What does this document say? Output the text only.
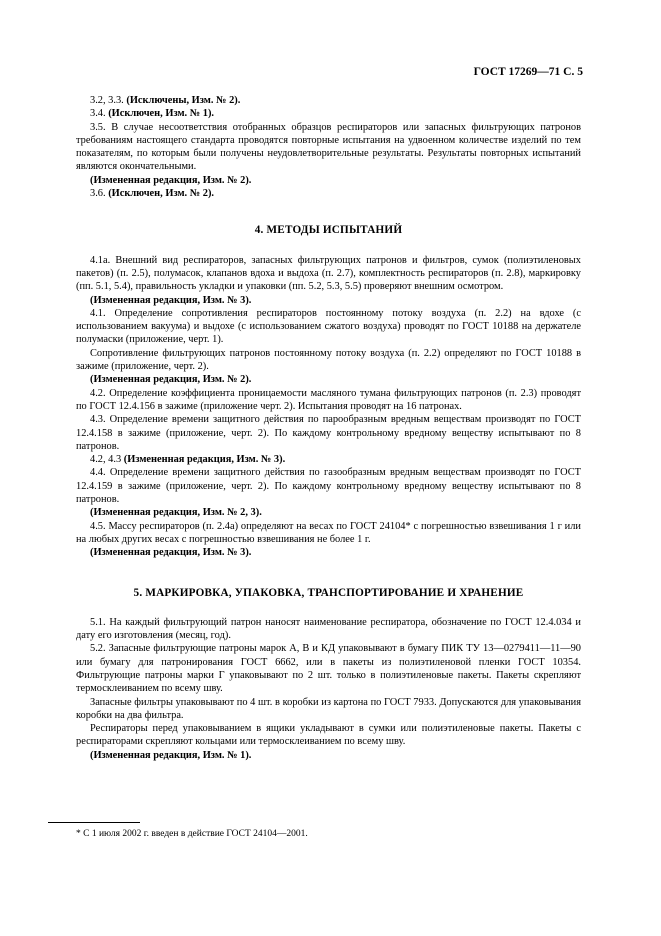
ГОСТ 17269—71 С. 5

3.2, 3.3. (Исключены, Изм. № 2).

3.4. (Исключен, Изм. № 1).

3.5. В случае несоответствия отобранных образцов респираторов или запасных фильтрующих патронов требованиям настоящего стандарта проводятся повторные испытания на удвоенном количестве изделий по тем показателям, по которым были получены неудовлетворительные результаты. Результаты повторных испытаний являются окончательными.

(Измененная редакция, Изм. № 2).

3.6. (Исключен, Изм. № 2).

4. МЕТОДЫ ИСПЫТАНИЙ

4.1а. Внешний вид респираторов, запасных фильтрующих патронов и фильтров, сумок (полиэтиленовых пакетов) (п. 2.5), полумасок, клапанов вдоха и выдоха (п. 2.7), комплектность респираторов (п. 2.8), маркировку (пп. 5.1, 5.4), правильность укладки и упаковки (пп. 5.2, 5.3, 5.5) проверяют внешним осмотром.

(Измененная редакция, Изм. № 3).

4.1. Определение сопротивления респираторов постоянному потоку воздуха (п. 2.2) на вдохе (с использованием вакуума) и выдохе (с использованием сжатого воздуха) проводят по ГОСТ 10188 на держателе полумаски (приложение, черт. 1).

Сопротивление фильтрующих патронов постоянному потоку воздуха (п. 2.2) определяют по ГОСТ 10188 в зажиме (приложение, черт. 2).

(Измененная редакция, Изм. № 2).

4.2. Определение коэффициента проницаемости масляного тумана фильтрующих патронов (п. 2.3) проводят по ГОСТ 12.4.156 в зажиме (приложение черт. 2). Испытания проводят на 16 патронах.

4.3. Определение времени защитного действия по парообразным вредным веществам производят по ГОСТ 12.4.158 в зажиме (приложение, черт. 2). По каждому контрольному вредному веществу испытывают по 8 патронов.

4.2, 4.3 (Измененная редакция, Изм. № 3).

4.4. Определение времени защитного действия по газообразным вредным веществам производят по ГОСТ 12.4.159 в зажиме (приложение, черт. 2). По каждому контрольному вредному веществу испытывают по 8 патронов.

(Измененная редакция, Изм. № 2, 3).

4.5. Массу респираторов (п. 2.4а) определяют на весах по ГОСТ 24104* с погрешностью взвешивания 1 г или на любых других весах с погрешностью взвешивания не более 1 г.

(Измененная редакция, Изм. № 3).

5. МАРКИРОВКА, УПАКОВКА, ТРАНСПОРТИРОВАНИЕ И ХРАНЕНИЕ

5.1. На каждый фильтрующий патрон наносят наименование респиратора, обозначение по ГОСТ 12.4.034 и дату его изготовления (месяц, год).

5.2. Запасные фильтрующие патроны марок А, В и КД упаковывают в бумагу ПИК ТУ 13—0279411—11—90 или бумагу для патронирования ГОСТ 6662, или в пакеты из полиэтиленовой пленки ГОСТ 10354. Фильтрующие патроны марки Г упаковывают по 2 шт. только в полиэтиленовые пакеты. Пакеты скрепляют термосклеиванием по всему шву.

Запасные фильтры упаковывают по 4 шт. в коробки из картона по ГОСТ 7933. Допускаются для упаковывания коробки на два фильтра.

Респираторы перед упаковыванием в ящики укладывают в сумки или полиэтиленовые пакеты. Пакеты с респираторами скрепляют кольцами или термосклеиванием по всему шву.

(Измененная редакция, Изм. № 1).

* С 1 июля 2002 г. введен в действие ГОСТ 24104—2001.
